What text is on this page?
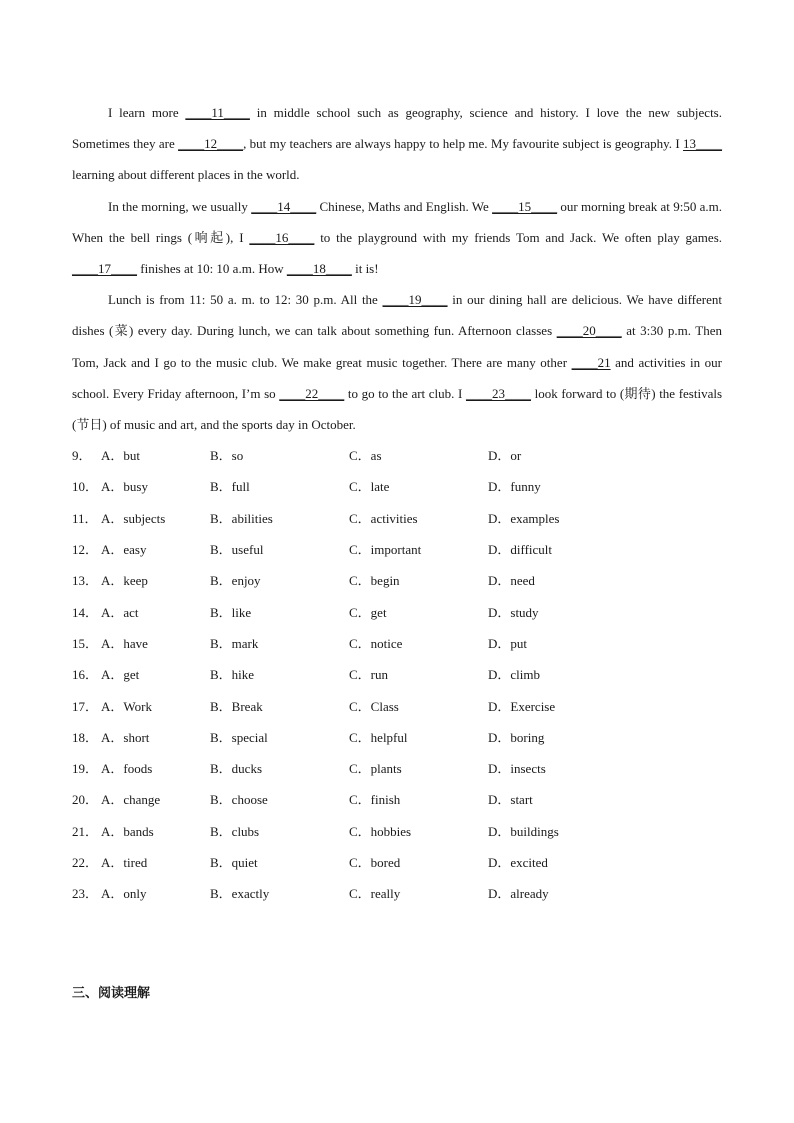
I learn more ____11____ in middle school such as geography, science and history. I love the new subjects. Sometimes they are ____12____, but my teachers are always happy to help me. My favourite subject is geography. I 13____ learning about different places in the world.

In the morning, we usually ____14____ Chinese, Maths and English. We ____15____ our morning break at 9:50 a.m. When the bell rings (响起), I ____16____ to the playground with my friends Tom and Jack. We often play games. ____17____ finishes at 10: 10 a.m. How ____18____ it is!

Lunch is from 11: 50 a. m. to 12: 30 p.m. All the ____19____ in our dining hall are delicious. We have different dishes (菜) every day. During lunch, we can talk about something fun. Afternoon classes ____20____ at 3:30 p.m. Then Tom, Jack and I go to the music club. We make great music together. There are many other ____21 and activities in our school. Every Friday afternoon, I’m so ____22____ to go to the art club. I ____23____ look forward to (期待) the festivals (节日) of music and art, and the sports day in October.

9． A．but	B．so	C．as	D．or
10． A．busy	B．full	C．late	D．funny
11． A．subjects	B．abilities	C．activities	D．examples
12． A．easy	B．useful	C．important	D．difficult
13． A．keep	B．enjoy	C．begin	D．need
14． A．act	B．like	C．get	D．study
15． A．have	B．mark	C．notice	D．put
16． A．get	B．hike	C．run	D．climb
17． A．Work	B．Break	C．Class	D．Exercise
18． A．short	B．special	C．helpful	D．boring
19． A．foods	B．ducks	C．plants	D．insects
20． A．change	B．choose	C．finish	D．start
21． A．bands	B．clubs	C．hobbies	D．buildings
22． A．tired	B．quiet	C．bored	D．excited
23． A．only	B．exactly	C．really	D．already
三、阅读理解
